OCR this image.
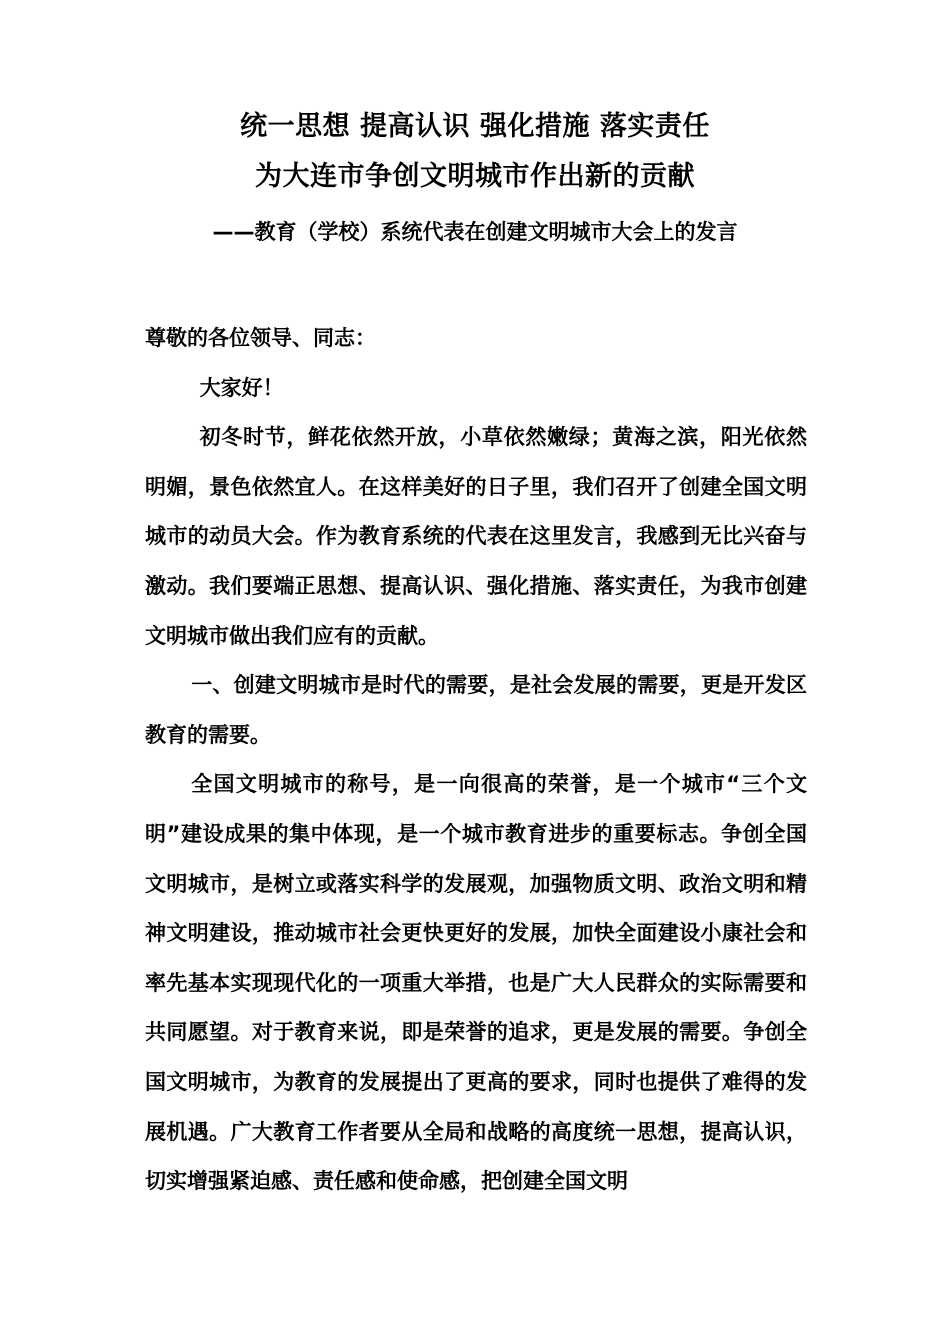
统一思想 提高认识 强化措施 落实责任
为大连市争创文明城市作出新的贡献
——教育（学校）系统代表在创建文明城市大会上的发言

尊敬的各位领导、同志：

大家好！

初冬时节，鲜花依然开放，小草依然嫩绿；黄海之滨，阳光依然明媚，景色依然宜人。在这样美好的日子里，我们召开了创建全国文明城市的动员大会。作为教育系统的代表在这里发言，我感到无比兴奋与激动。我们要端正思想、提高认识、强化措施、落实责任，为我市创建文明城市做出我们应有的贡献。

一、创建文明城市是时代的需要，是社会发展的需要，更是开发区教育的需要。

全国文明城市的称号，是一向很高的荣誉，是一个城市“三个文明”建设成果的集中体现，是一个城市教育进步的重要标志。争创全国文明城市，是树立或落实科学的发展观，加强物质文明、政治文明和精神文明建设，推动城市社会更快更好的发展，加快全面建设小康社会和率先基本实现现代化的一项重大举措，也是广大人民群众的实际需要和共同愿望。对于教育来说，即是荣誉的追求，更是发展的需要。争创全国文明城市，为教育的发展提出了更高的要求，同时也提供了难得的发展机遇。广大教育工作者要从全局和战略的高度统一思想，提高认识，切实增强紧迫感、责任感和使命感，把创建全国文明
